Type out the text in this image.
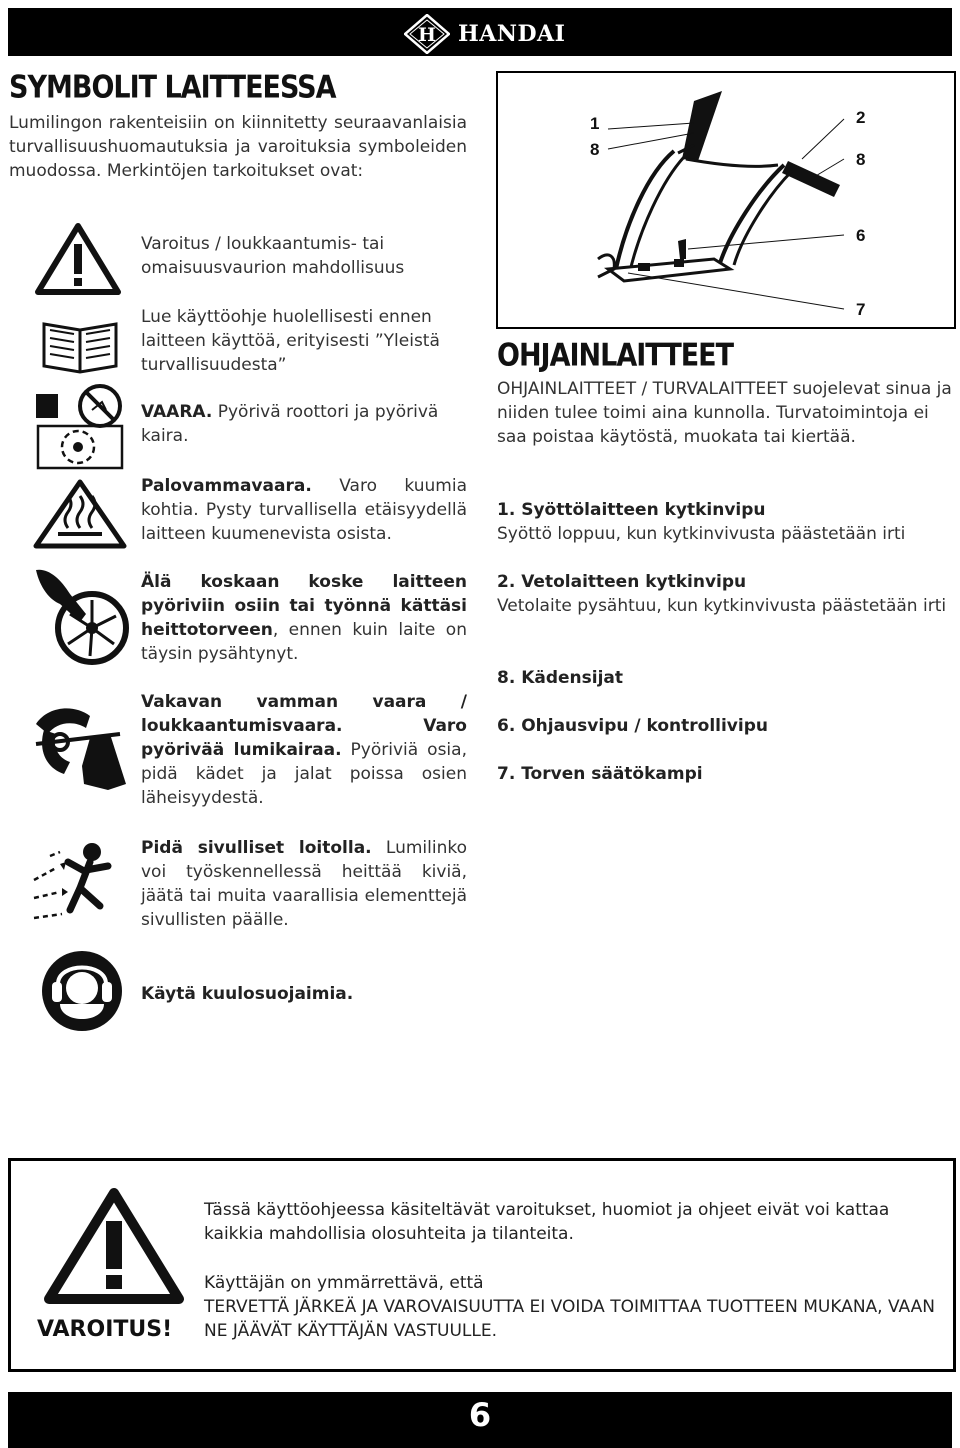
H HANDAI
SYMBOLIT LAITTEESSA
Lumilingon rakenteisiin on kiinnitetty seuraavanlaisia turvallisuushuomautuksia ja varoituksia symboleiden muodossa. Merkintöjen tarkoitukset ovat:
Varoitus / loukkaantumis- tai omaisuusvaurion mahdollisuus
Lue käyttöohje huolellisesti ennen laitteen käyttöä, erityisesti ”Yleistä turvallisuudesta”
VAARA. Pyörivä roottori ja pyörivä kaira.
Palovammavaara. Varo kuumia kohtia. Pysty turvallisella etäisyydellä laitteen kuumenevista osista.
Älä koskaan koske laitteen pyöriviin osiin tai työnnä kättäsi heittotorveen, ennen kuin laite on täysin pysähtynyt.
Vakavan vamman vaara / loukkaantumisvaara. Varo pyörivää lumikairaa. Pyöriviä osia, pidä kädet ja jalat poissa osien läheisyydestä.
Pidä sivulliset loitolla. Lumilinko voi työskennellessä heittää kiviä, jäätä tai muita vaarallisia elementtejä sivullisten päälle.
Käytä kuulosuojaimia.
1
8
2
8
6
7
OHJAINLAITTEET
OHJAINLAITTEET / TURVALAITTEET suojelevat sinua ja niiden tulee toimi aina kunnolla. Turvatoimintoja ei saa poistaa käytöstä, muokata tai kiertää.
1. Syöttölaitteen kytkinvipu
Syöttö loppuu, kun kytkinvivusta päästetään irti
2. Vetolaitteen kytkinvipu
Vetolaite pysähtuu, kun kytkinvivusta päästetään irti
8. Kädensijat
6. Ohjausvipu / kontrollivipu
7. Torven säätökampi
VAROITUS!
Tässä käyttöohjeessa käsiteltävät varoitukset, huomiot ja ohjeet eivät voi kattaa kaikkia mahdollisia olosuhteita ja tilanteita.
Käyttäjän on ymmärrettävä, että
TERVETTÄ JÄRKEÄ JA VAROVAISUUTTA EI VOIDA TOIMITTAA TUOTTEEN MUKANA, VAAN NE JÄÄVÄT KÄYTTÄJÄN VASTUULLE.
6
